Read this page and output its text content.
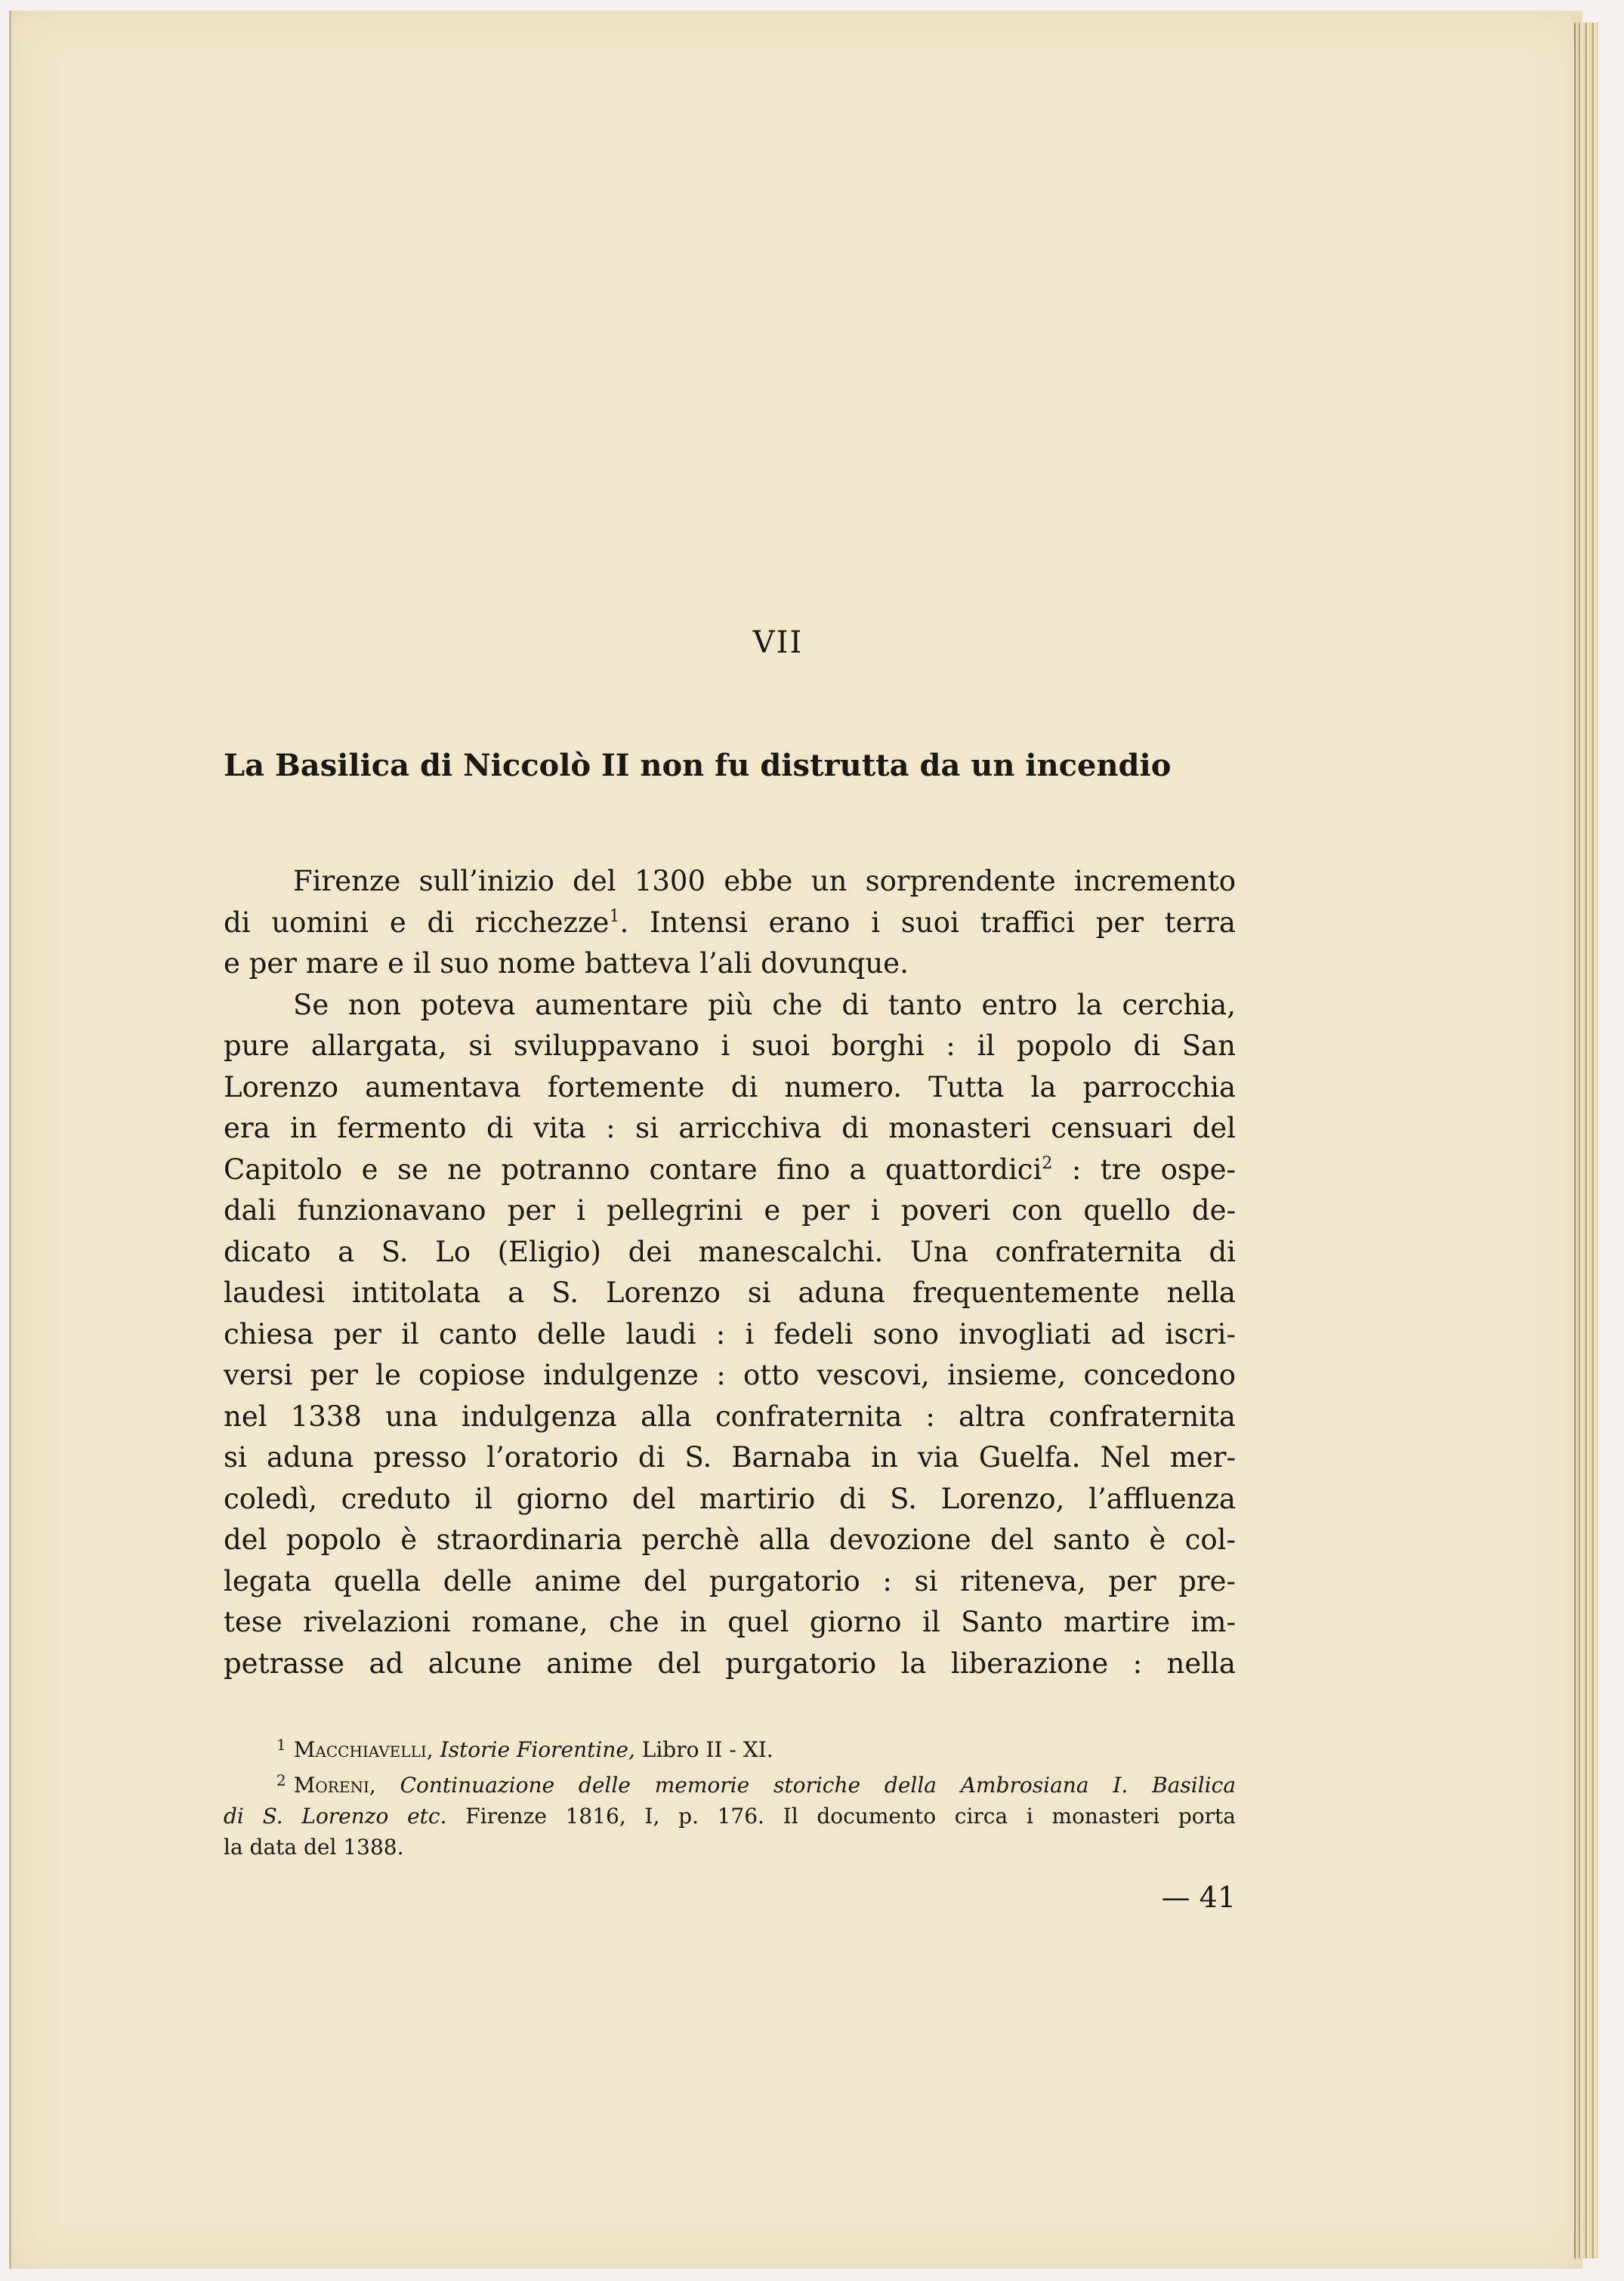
VII
La Basilica di Niccolò II non fu distrutta da un incendio
Firenze sull’inizio del 1300 ebbe un sorprendente incremento
di uomini e di ricchezze$^1$. Intensi erano i suoi traffici per terra
e per mare e il suo nome batteva l’ali dovunque.
Se non poteva aumentare più che di tanto entro la cerchia,
pure allargata, si sviluppavano i suoi borghi : il popolo di San
Lorenzo aumentava fortemente di numero. Tutta la parrocchia
era in fermento di vita : si arricchiva di monasteri censuari del
Capitolo e se ne potranno contare fino a quattordici$^2$ : tre ospe-
dali funzionavano per i pellegrini e per i poveri con quello de-
dicato a S. Lo (Eligio) dei manescalchi. Una confraternita di
laudesi intitolata a S. Lorenzo si aduna frequentemente nella
chiesa per il canto delle laudi : i fedeli sono invogliati ad iscri-
versi per le copiose indulgenze : otto vescovi, insieme, concedono
nel 1338 una indulgenza alla confraternita : altra confraternita
si aduna presso l’oratorio di S. Barnaba in via Guelfa. Nel mer-
coledì, creduto il giorno del martirio di S. Lorenzo, l’affluenza
del popolo è straordinaria perchè alla devozione del santo è col-
legata quella delle anime del purgatorio : si riteneva, per pre-
tese rivelazioni romane, che in quel giorno il Santo martire im-
petrasse ad alcune anime del purgatorio la liberazione : nella
$^1$ Macchiavelli, Istorie Fiorentine, Libro II - XI.
$^2$ Moreni, Continuazione delle memorie storiche della Ambrosiana I. Basilica
di S. Lorenzo etc. Firenze 1816, I, p. 176. Il documento circa i monasteri porta
la data del 1388.
— 41
